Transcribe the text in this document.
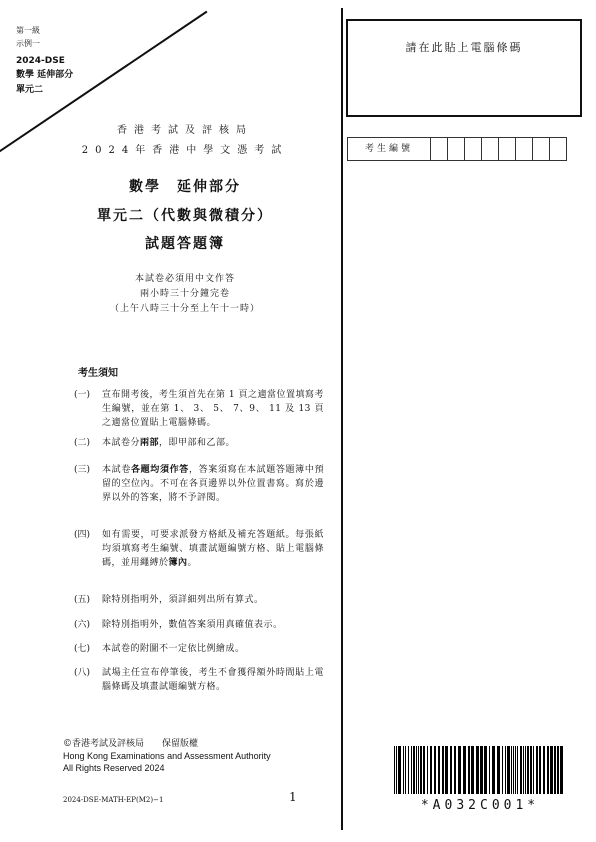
第一級
示例一
2024-DSE
數學 延伸部分
單元二
請在此貼上電腦條碼
考生編號
香港考試及評核局
2024年香港中學文憑考試
數學　延伸部分
單元二（代數與微積分）
試題答題簿
本試卷必須用中文作答
兩小時三十分鐘完卷
（上午八時三十分至上午十一時）
考生須知
(一)	宣布開考後，考生須首先在第 1 頁之適當位置填寫考生編號，並在第 1、 3、 5、 7、9、 11 及 13 頁之適當位置貼上電腦條碼。
(二)	本試卷分兩部，即甲部和乙部。
(三)	本試卷各題均須作答，答案須寫在本試題答題簿中預留的空位內。不可在各頁邊界以外位置書寫。寫於邊界以外的答案，將不予評閱。
(四)	如有需要，可要求派發方格紙及補充答題紙。每張紙均須填寫考生編號、填畫試題編號方格、貼上電腦條碼，並用繩縛於簿內。
(五)	除特別指明外，須詳細列出所有算式。
(六)	除特別指明外，數值答案須用真確值表示。
(七)	本試卷的附圖不一定依比例繪成。
(八)	試場主任宣布停筆後，考生不會獲得額外時間貼上電腦條碼及填畫試題編號方格。
©香港考試及評核局　　保留版權
Hong Kong Examinations and Assessment Authority
All Rights Reserved 2024
2024-DSE-MATH-EP(M2)−1	1
*A032C001*
